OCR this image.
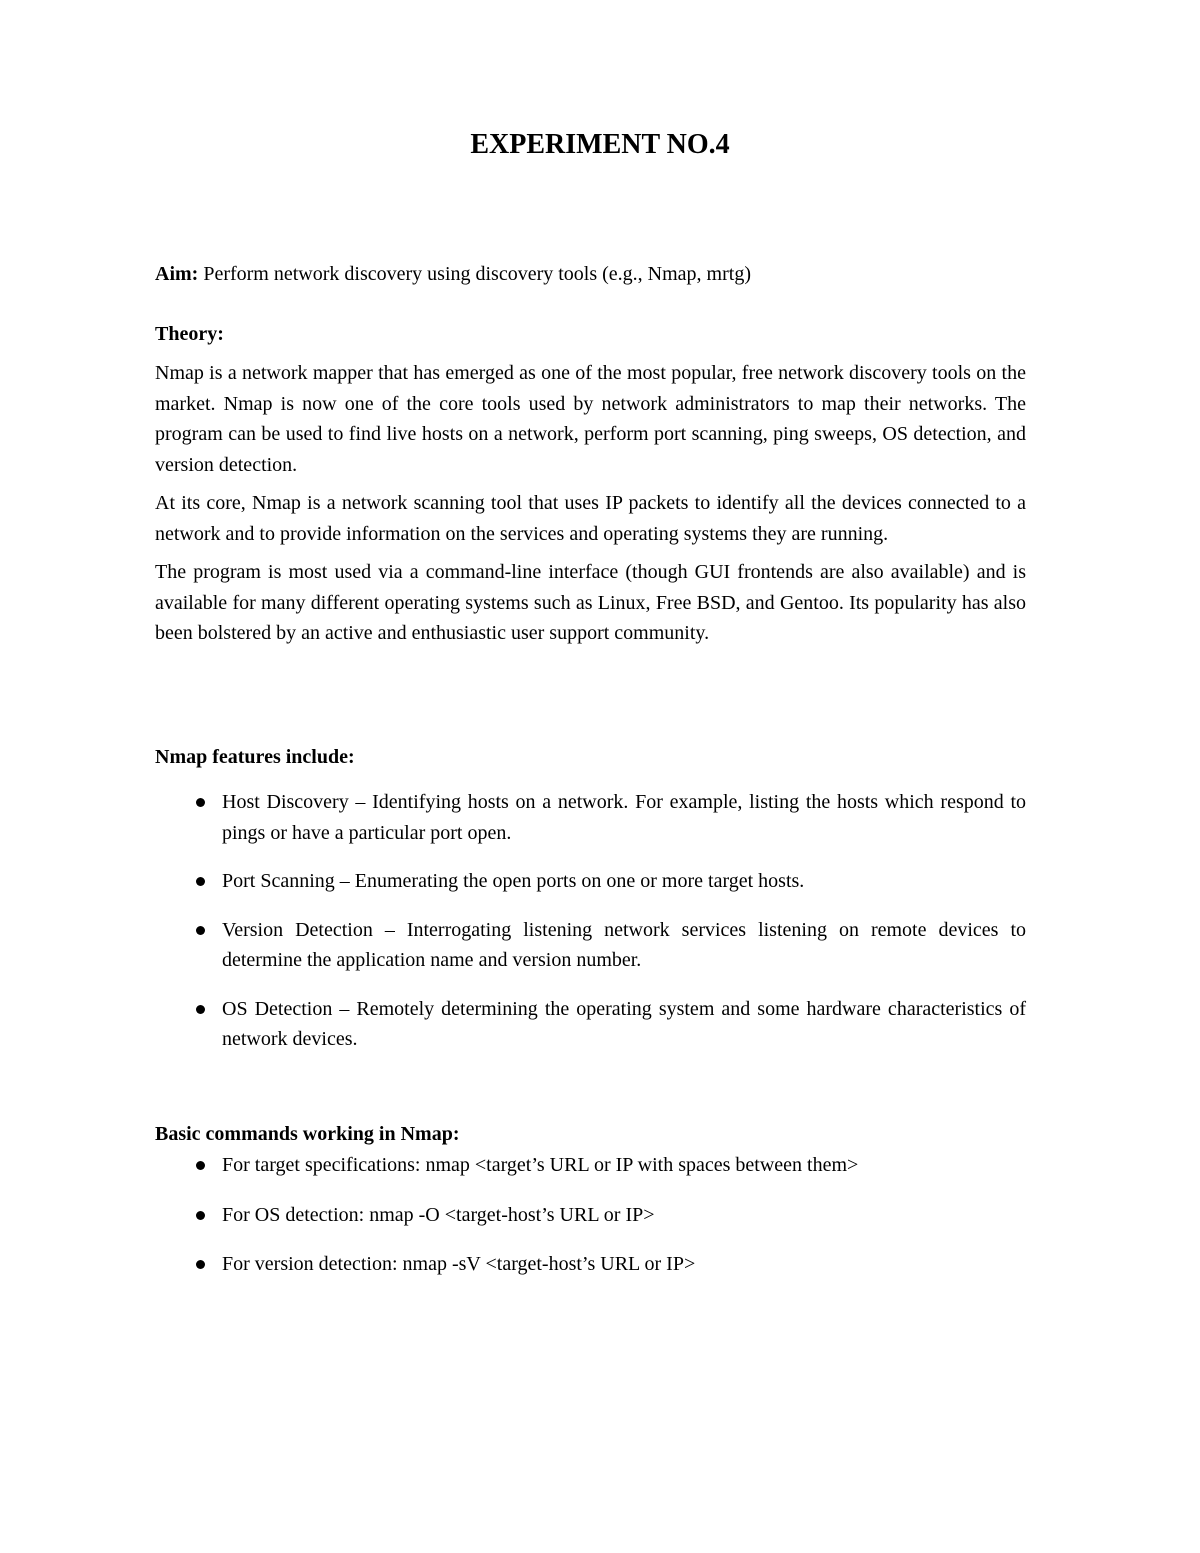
EXPERIMENT NO.4
Aim: Perform network discovery using discovery tools (e.g., Nmap, mrtg)
Theory:

Nmap is a network mapper that has emerged as one of the most popular, free network discovery tools on the market. Nmap is now one of the core tools used by network administrators to map their networks. The program can be used to find live hosts on a network, perform port scanning, ping sweeps, OS detection, and version detection.

At its core, Nmap is a network scanning tool that uses IP packets to identify all the devices connected to a network and to provide information on the services and operating systems they are running.

The program is most used via a command-line interface (though GUI frontends are also available) and is available for many different operating systems such as Linux, Free BSD, and Gentoo. Its popularity has also been bolstered by an active and enthusiastic user support community.

Nmap features include:
Host Discovery – Identifying hosts on a network. For example, listing the hosts which respond to pings or have a particular port open.
Port Scanning – Enumerating the open ports on one or more target hosts.
Version Detection – Interrogating listening network services listening on remote devices to determine the application name and version number.
OS Detection – Remotely determining the operating system and some hardware characteristics of network devices.
Basic commands working in Nmap:
For target specifications: nmap <target’s URL or IP with spaces between them>
For OS detection: nmap -O <target-host’s URL or IP>
For version detection: nmap -sV <target-host’s URL or IP>
